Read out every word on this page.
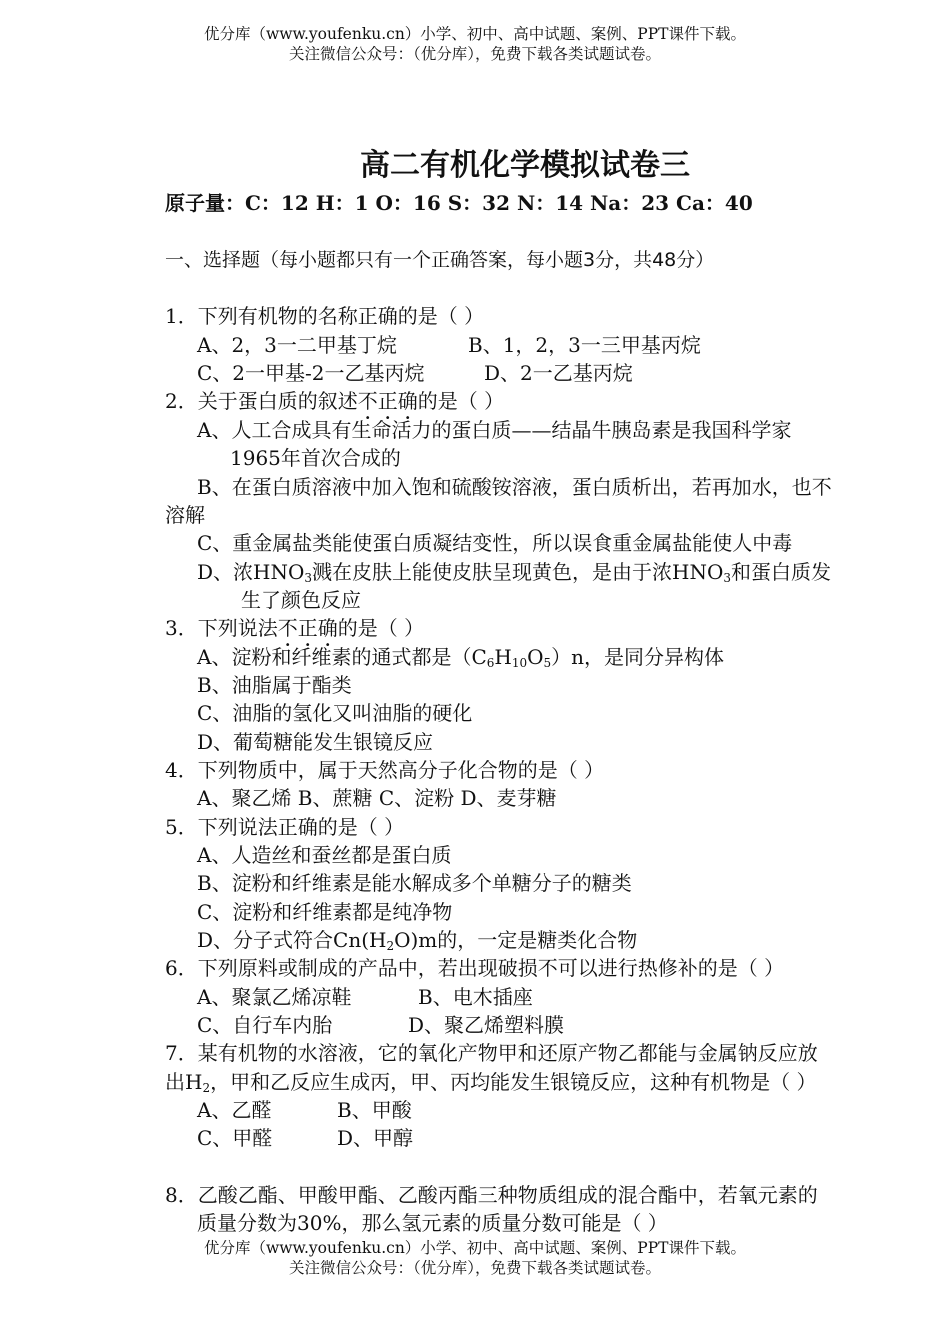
优分库（www.youfenku.cn）小学、初中、高中试题、案例、PPT课件下载。
关注微信公众号：（优分库），免费下载各类试题试卷。
高二有机化学模拟试卷三
原子量：C：12 H：1 O：16 S：32 N：14 Na：23 Ca：40
一、选择题（每小题都只有一个正确答案，每小题3分，共48分）
1．下列有机物的名称正确的是（ ）
A、2，3一二甲基丁烷	B、1，2，3一三甲基丙烷
C、2一甲基-2一乙基丙烷	D、2一乙基丙烷
2．关于蛋白质的叙述不正确的是（ ）
A、人工合成具有生命活力的蛋白质——结晶牛胰岛素是我国科学家
1965年首次合成的
B、在蛋白质溶液中加入饱和硫酸铵溶液，蛋白质析出，若再加水，也不
溶解
C、重金属盐类能使蛋白质凝结变性，所以误食重金属盐能使人中毒
D、浓$HNO_3$溅在皮肤上能使皮肤呈现黄色，是由于浓$HNO_3$和蛋白质发
生了颜色反应
3．下列说法不正确的是（ ）
A、淀粉和纤维素的通式都是$(C_6H_{10}O_5)n$，是同分异构体
B、油脂属于酯类
C、油脂的氢化又叫油脂的硬化
D、葡萄糖能发生银镜反应
4．下列物质中，属于天然高分子化合物的是（ ）
A、聚乙烯 B、蔗糖 C、淀粉 D、麦芽糖
5．下列说法正确的是（ ）
A、人造丝和蚕丝都是蛋白质
B、淀粉和纤维素是能水解成多个单糖分子的糖类
C、淀粉和纤维素都是纯净物
D、分子式符合$Cn(H_2O)m$的，一定是糖类化合物
6．下列原料或制成的产品中，若出现破损不可以进行热修补的是（ ）
A、聚氯乙烯凉鞋	B、电木插座
C、自行车内胎	D、聚乙烯塑料膜
7．某有机物的水溶液，它的氧化产物甲和还原产物乙都能与金属钠反应放
出$H_2$，甲和乙反应生成丙，甲、丙均能发生银镜反应，这种有机物是（ ）
A、乙醛	B、甲酸
C、甲醛	D、甲醇
8．乙酸乙酯、甲酸甲酯、乙酸丙酯三种物质组成的混合酯中，若氧元素的
质量分数为30%，那么氢元素的质量分数可能是（ ）
优分库（www.youfenku.cn）小学、初中、高中试题、案例、PPT课件下载。
关注微信公众号：（优分库），免费下载各类试题试卷。
